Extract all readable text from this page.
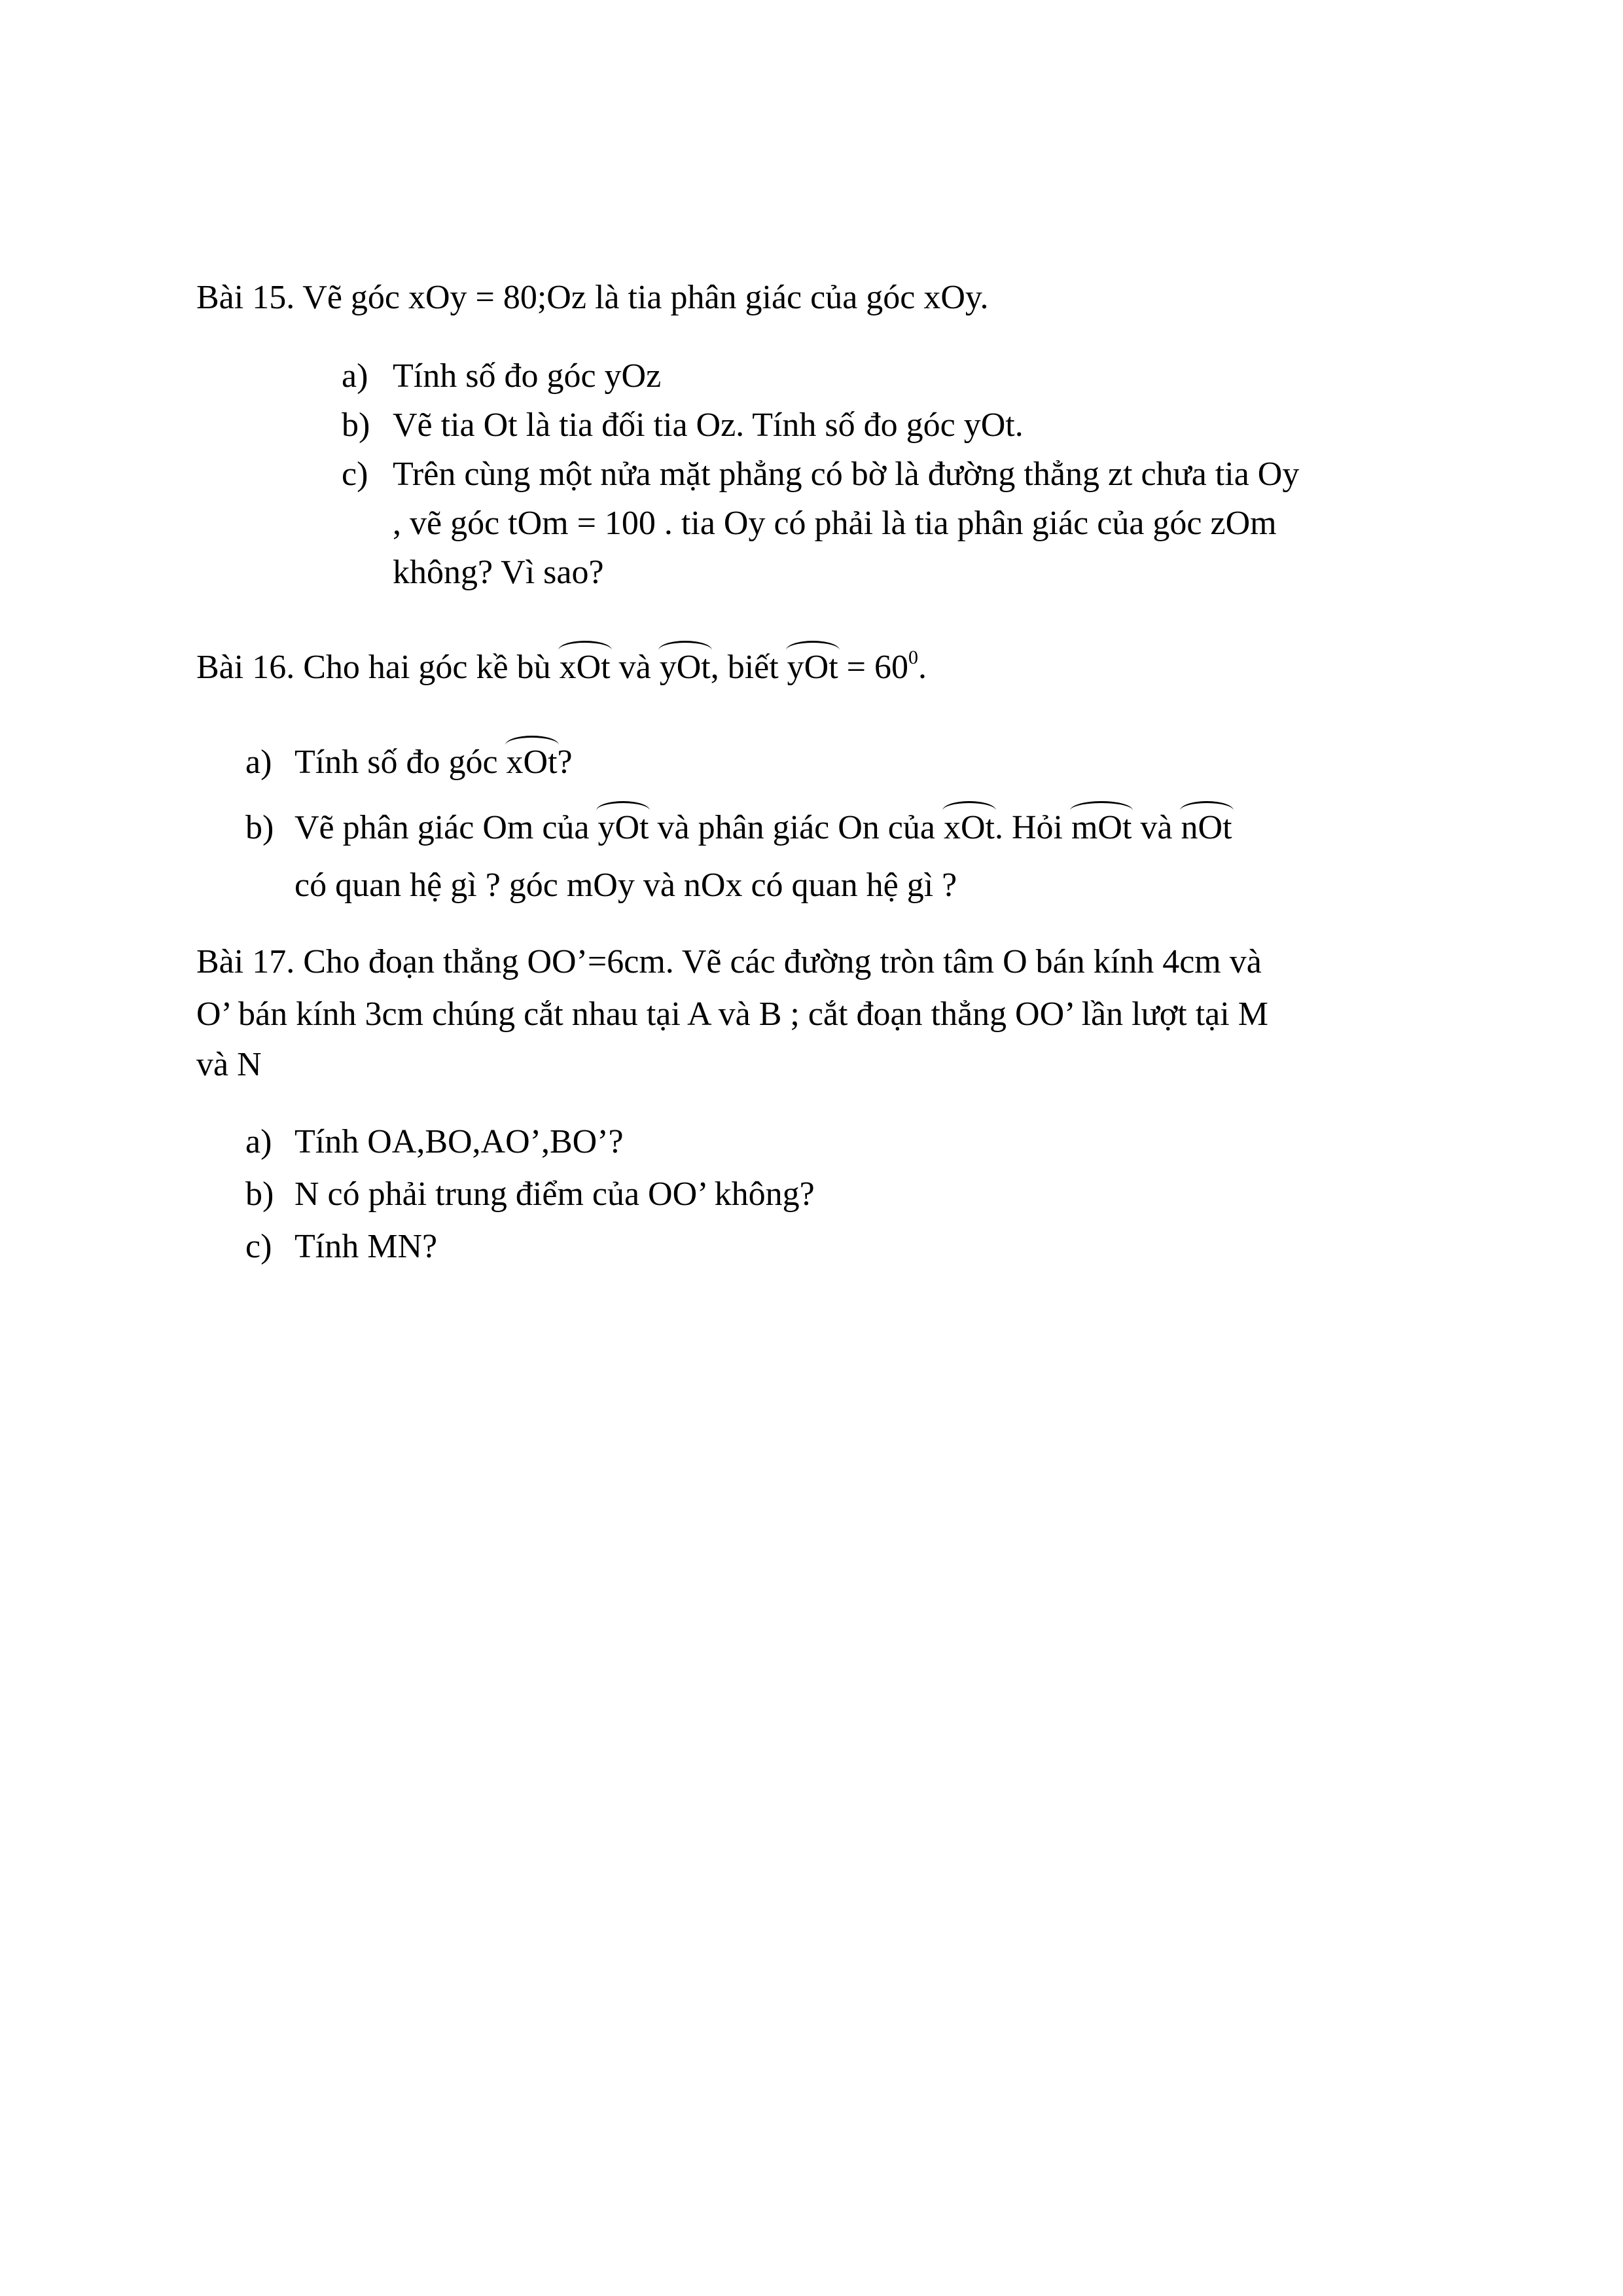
Bài 15. Vẽ góc xOy = 80;Oz là tia phân giác của góc xOy.
a) Tính số đo góc yOz
b) Vẽ tia Ot là tia đối tia Oz. Tính số đo góc yOt.
c) Trên cùng một nửa mặt phẳng có bờ là đường thẳng zt chưa tia Oy
, vẽ góc tOm = 100 . tia Oy có phải là tia phân giác của góc zOm
không? Vì sao?
Bài 16. Cho hai góc kề bù xOt và yOt, biết yOt = $60^0$.
a) Tính số đo góc xOt?
b) Vẽ phân giác Om của yOt và phân giác On của xOt. Hỏi mOt và nOt
có quan hệ gì ? góc mOy và nOx có quan hệ gì ?
Bài 17. Cho đoạn thẳng OO’=6cm. Vẽ các đường tròn tâm O bán kính 4cm và
O’ bán kính 3cm chúng cắt nhau tại A và B ; cắt đoạn thẳng OO’ lần lượt tại M
và N
a) Tính OA,BO,AO’,BO’?
b) N có phải trung điểm của OO’ không?
c) Tính MN?
